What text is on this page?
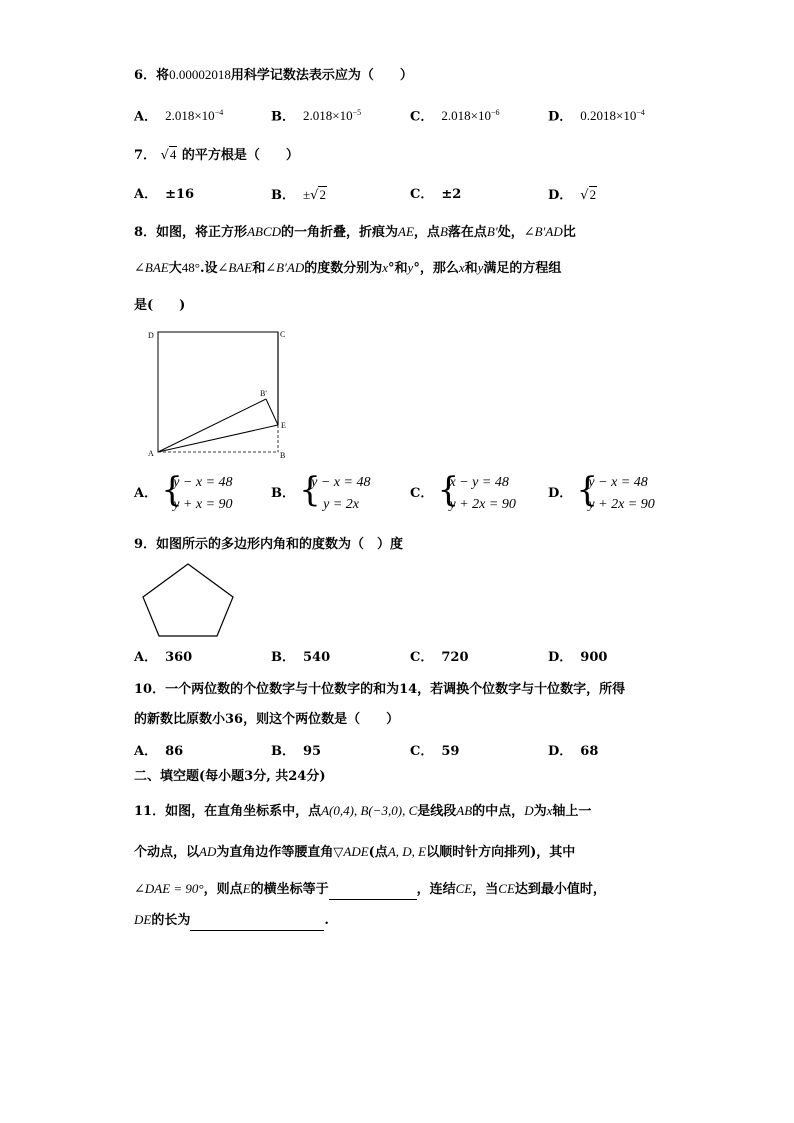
6．将0.00002018用科学记数法表示应为（　　）
A． $2.018\times 10^{-4}$	B． $2.018\times 10^{-5}$	C． $2.018\times 10^{-6}$	D． $0.2018\times 10^{-4}$
7． √4 的平方根是（　　）
A． ±16	B． ±√2	C． ±2	D． √2
8．如图，将正方形ABCD的一角折叠，折痕为AE，点B落在点B′处，∠B′AD比
∠BAE大48°.设∠BAE和∠B′AD的度数分别为x°和y°，那么x和y满足的方程组
是(　　)
D	C
B'
E
A	B
A． {
y − x = 48
y + x = 90
B． {
y − x = 48
y = 2x
C． {
x − y = 48
y + 2x = 90
D． {
y − x = 48
y + 2x = 90
9．如图所示的多边形内角和的度数为（　）度
A． 360	B． 540	C． 720	D． 900
10．一个两位数的个位数字与十位数字的和为14，若调换个位数字与十位数字，所得
的新数比原数小36，则这个两位数是（　　）
A． 86	B． 95	C． 59	D． 68
二、填空题(每小题3分, 共24分)
11．如图，在直角坐标系中，点A(0,4), B(−3,0), C是线段AB的中点，D为x轴上一
个动点，以AD为直角边作等腰直角▽ADE(点A, D, E以顺时针方向排列)，其中
∠DAE = 90°，则点E的横坐标等于	，连结CE，当CE达到最小值时，
DE的长为	.
